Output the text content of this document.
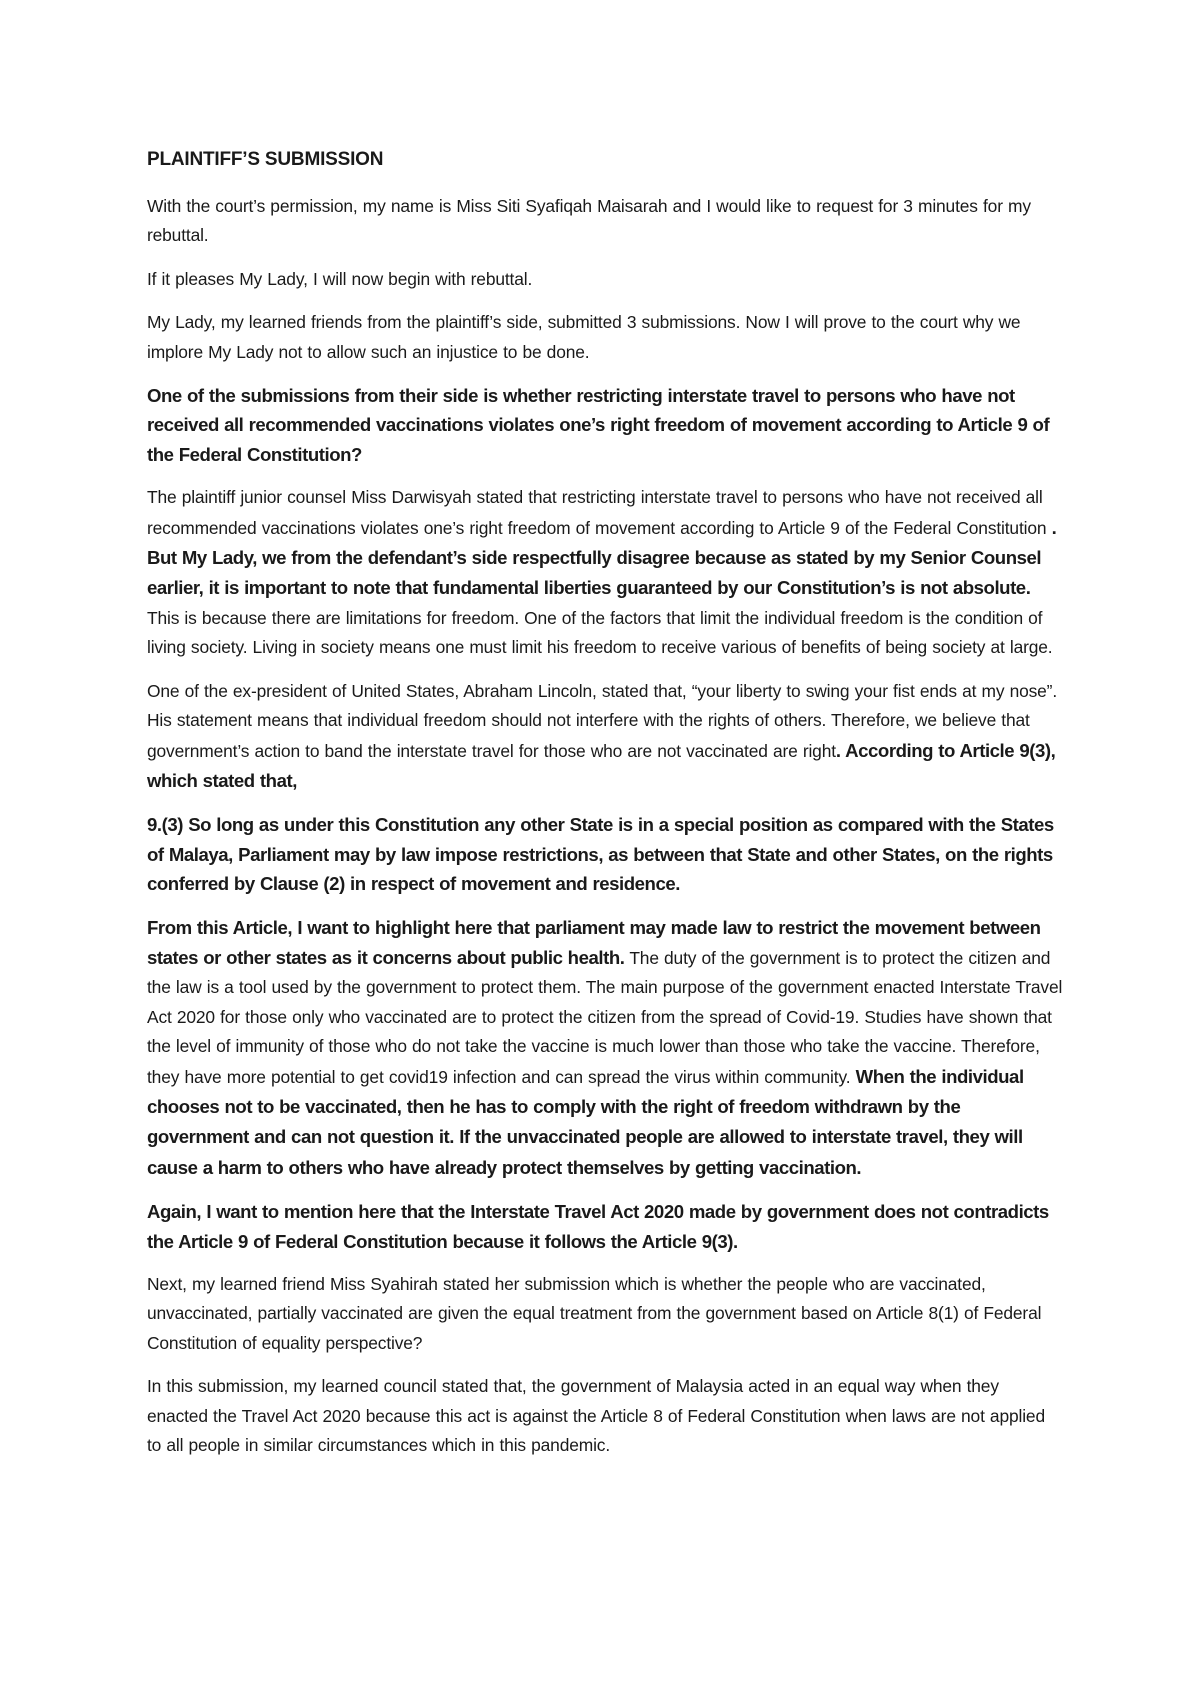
PLAINTIFF’S SUBMISSION

With the court’s permission, my name is Miss Siti Syafiqah Maisarah and I would like to request for 3 minutes for my rebuttal.

If it pleases My Lady, I will now begin with rebuttal.

My Lady, my learned friends from the plaintiff’s side, submitted 3 submissions. Now I will prove to the court why we implore My Lady not to allow such an injustice to be done.

One of the submissions from their side is whether restricting interstate travel to persons who have not received all recommended vaccinations violates one’s right freedom of movement according to Article 9 of the Federal Constitution?

The plaintiff junior counsel Miss Darwisyah stated that restricting interstate travel to persons who have not received all recommended vaccinations violates one’s right freedom of movement according to Article 9 of the Federal Constitution . But My Lady, we from the defendant’s side respectfully disagree because as stated by my Senior Counsel earlier, it is important to note that fundamental liberties guaranteed by our Constitution’s is not absolute. This is because there are limitations for freedom. One of the factors that limit the individual freedom is the condition of living society. Living in society means one must limit his freedom to receive various of benefits of being society at large.

One of the ex-president of United States, Abraham Lincoln, stated that, “your liberty to swing your fist ends at my nose”. His statement means that individual freedom should not interfere with the rights of others. Therefore, we believe that government’s action to band the interstate travel for those who are not vaccinated are right. According to Article 9(3), which stated that,

9.(3) So long as under this Constitution any other State is in a special position as compared with the States of Malaya, Parliament may by law impose restrictions, as between that State and other States, on the rights conferred by Clause (2) in respect of movement and residence.

From this Article, I want to highlight here that parliament may made law to restrict the movement between states or other states as it concerns about public health. The duty of the government is to protect the citizen and the law is a tool used by the government to protect them. The main purpose of the government enacted Interstate Travel Act 2020 for those only who vaccinated are to protect the citizen from the spread of Covid-19. Studies have shown that the level of immunity of those who do not take the vaccine is much lower than those who take the vaccine. Therefore, they have more potential to get covid19 infection and can spread the virus within community. When the individual chooses not to be vaccinated, then he has to comply with the right of freedom withdrawn by the government and can not question it. If the unvaccinated people are allowed to interstate travel, they will cause a harm to others who have already protect themselves by getting vaccination.

Again, I want to mention here that the Interstate Travel Act 2020 made by government does not contradicts the Article 9 of Federal Constitution because it follows the Article 9(3).

Next, my learned friend Miss Syahirah stated her submission which is whether the people who are vaccinated, unvaccinated, partially vaccinated are given the equal treatment from the government based on Article 8(1) of Federal Constitution of equality perspective?

In this submission, my learned council stated that, the government of Malaysia acted in an equal way when they enacted the Travel Act 2020 because this act is against the Article 8 of Federal Constitution when laws are not applied to all people in similar circumstances which in this pandemic.
